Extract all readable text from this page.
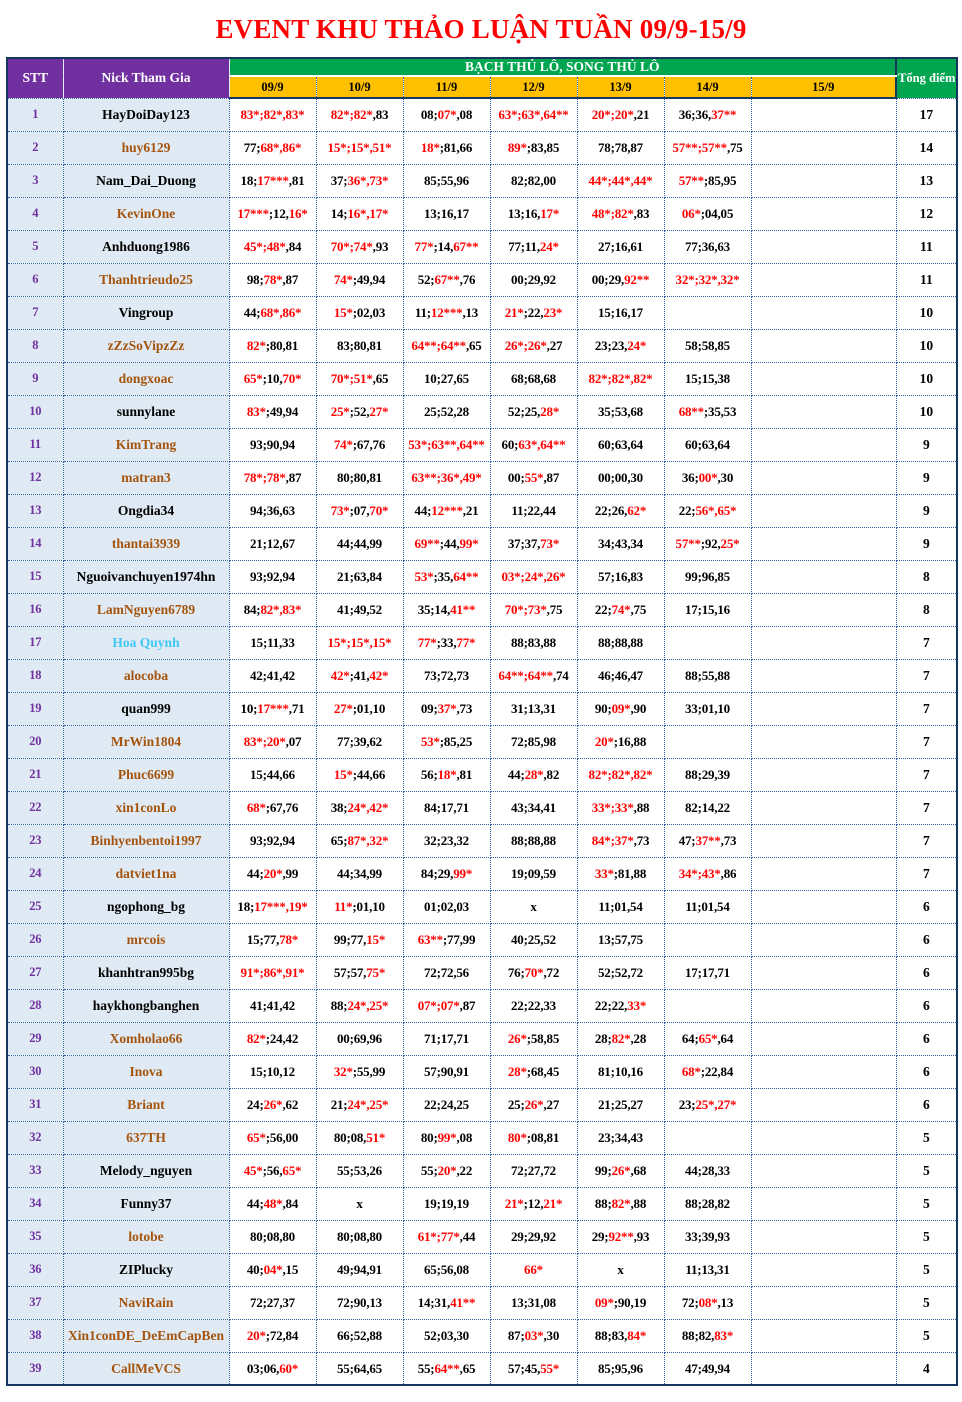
EVENT KHU THẢO LUẬN TUẦN 09/9-15/9
STT	Nick Tham Gia	BẠCH THỦ LÔ, SONG THỦ LÔ							Tổng điểm
		09/9	10/9	11/9	12/9	13/9	14/9	15/9	
1	HayDoiDay123	83*;82*,83*	82*;82*,83	08;07*,08	63*;63*,64**	20*;20*,21	36;36,37**		17
2	huy6129	77;68*,86*	15*;15*,51*	18*;81,66	89*;83,85	78;78,87	57**;57**,75		14
3	Nam_Dai_Duong	18;17***,81	37;36*,73*	85;55,96	82;82,00	44*;44*,44*	57**;85,95		13
4	KevinOne	17***;12,16*	14;16*,17*	13;16,17	13;16,17*	48*;82*,83	06*;04,05		12
5	Anhduong1986	45*;48*,84	70*;74*,93	77*;14,67**	77;11,24*	27;16,61	77;36,63		11
6	Thanhtrieudo25	98;78*,87	74*;49,94	52;67**,76	00;29,92	00;29,92**	32*;32*,32*		11
7	Vingroup	44;68*,86*	15*;02,03	11;12***,13	21*;22,23*	15;16,17			10
8	zZzSoVipzZz	82*;80,81	83;80,81	64**;64**,65	26*;26*,27	23;23,24*	58;58,85		10
9	dongxoac	65*;10,70*	70*;51*,65	10;27,65	68;68,68	82*;82*,82*	15;15,38		10
10	sunnylane	83*;49,94	25*;52,27*	25;52,28	52;25,28*	35;53,68	68**;35,53		10
11	KimTrang	93;90,94	74*;67,76	53*;63**,64**	60;63*,64**	60;63,64	60;63,64		9
12	matran3	78*;78*,87	80;80,81	63**;36*,49*	00;55*,87	00;00,30	36;00*,30		9
13	Ongdia34	94;36,63	73*;07,70*	44;12***,21	11;22,44	22;26,62*	22;56*,65*		9
14	thantai3939	21;12,67	44;44,99	69**;44,99*	37;37,73*	34;43,34	57**;92,25*		9
15	Nguoivanchuyen1974hn	93;92,94	21;63,84	53*;35,64**	03*;24*,26*	57;16,83	99;96,85		8
16	LamNguyen6789	84;82*,83*	41;49,52	35;14,41**	70*;73*,75	22;74*,75	17;15,16		8
17	Hoa Quynh	15;11,33	15*;15*,15*	77*;33,77*	88;83,88	88;88,88			7
18	alocoba	42;41,42	42*;41,42*	73;72,73	64**;64**,74	46;46,47	88;55,88		7
19	quan999	10;17***,71	27*;01,10	09;37*,73	31;13,31	90;09*,90	33;01,10		7
20	MrWin1804	83*;20*,07	77;39,62	53*;85,25	72;85,98	20*;16,88			7
21	Phuc6699	15;44,66	15*;44,66	56;18*,81	44;28*,82	82*;82*,82*	88;29,39		7
22	xin1conLo	68*;67,76	38;24*,42*	84;17,71	43;34,41	33*;33*,88	82;14,22		7
23	Binhyenbentoi1997	93;92,94	65;87*,32*	32;23,32	88;88,88	84*;37*,73	47;37**,73		7
24	datviet1na	44;20*,99	44;34,99	84;29,99*	19;09,59	33*;81,88	34*;43*,86		7
25	ngophong_bg	18;17***,19*	11*;01,10	01;02,03	x	11;01,54	11;01,54		6
26	mrcois	15;77,78*	99;77,15*	63**;77,99	40;25,52	13;57,75			6
27	khanhtran995bg	91*;86*,91*	57;57,75*	72;72,56	76;70*,72	52;52,72	17;17,71		6
28	haykhongbanghen	41;41,42	88;24*,25*	07*;07*,87	22;22,33	22;22,33*			6
29	Xomholao66	82*;24,42	00;69,96	71;17,71	26*;58,85	28;82*,28	64;65*,64		6
30	Inova	15;10,12	32*;55,99	57;90,91	28*;68,45	81;10,16	68*;22,84		6
31	Briant	24;26*,62	21;24*,25*	22;24,25	25;26*,27	21;25,27	23;25*,27*		6
32	637TH	65*;56,00	80;08,51*	80;99*,08	80*;08,81	23;34,43			5
33	Melody_nguyen	45*;56,65*	55;53,26	55;20*,22	72;27,72	99;26*,68	44;28,33		5
34	Funny37	44;48*,84	x	19;19,19	21*;12,21*	88;82*,88	88;28,82		5
35	lotobe	80;08,80	80;08,80	61*;77*,44	29;29,92	29;92**,93	33;39,93		5
36	ZIPlucky	40;04*,15	49;94,91	65;56,08	66*	x	11;13,31		5
37	NaviRain	72;27,37	72;90,13	14;31,41**	13;31,08	09*;90,19	72;08*,13		5
38	Xin1conDE_DeEmCapBen	20*;72,84	66;52,88	52;03,30	87;03*,30	88;83,84*	88;82,83*		5
39	CallMeVCS	03;06,60*	55;64,65	55;64**,65	57;45,55*	85;95,96	47;49,94		4
